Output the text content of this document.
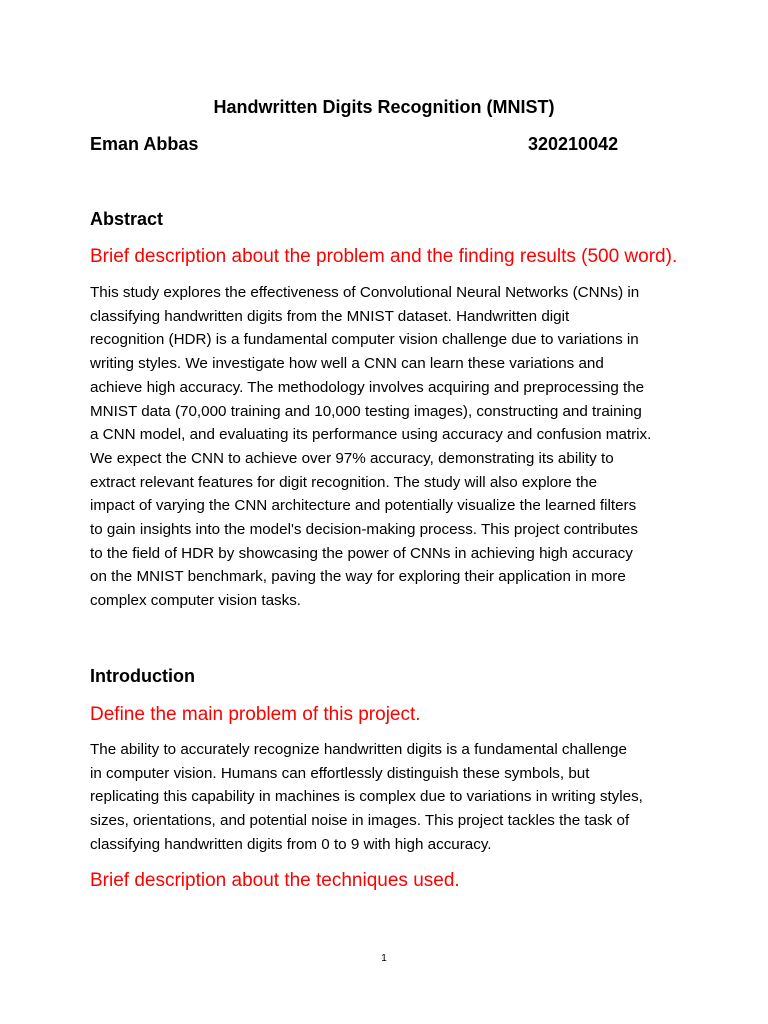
Handwritten Digits Recognition (MNIST)
Eman Abbas	320210042
Abstract
Brief description about the problem and the finding results (500 word).
This study explores the effectiveness of Convolutional Neural Networks (CNNs) in
classifying handwritten digits from the MNIST dataset. Handwritten digit
recognition (HDR) is a fundamental computer vision challenge due to variations in
writing styles. We investigate how well a CNN can learn these variations and
achieve high accuracy. The methodology involves acquiring and preprocessing the
MNIST data (70,000 training and 10,000 testing images), constructing and training
a CNN model, and evaluating its performance using accuracy and confusion matrix.
We expect the CNN to achieve over 97% accuracy, demonstrating its ability to
extract relevant features for digit recognition. The study will also explore the
impact of varying the CNN architecture and potentially visualize the learned filters
to gain insights into the model's decision-making process. This project contributes
to the field of HDR by showcasing the power of CNNs in achieving high accuracy
on the MNIST benchmark, paving the way for exploring their application in more
complex computer vision tasks.
Introduction
Define the main problem of this project.
The ability to accurately recognize handwritten digits is a fundamental challenge
in computer vision. Humans can effortlessly distinguish these symbols, but
replicating this capability in machines is complex due to variations in writing styles,
sizes, orientations, and potential noise in images. This project tackles the task of
classifying handwritten digits from 0 to 9 with high accuracy.
Brief description about the techniques used.
1
